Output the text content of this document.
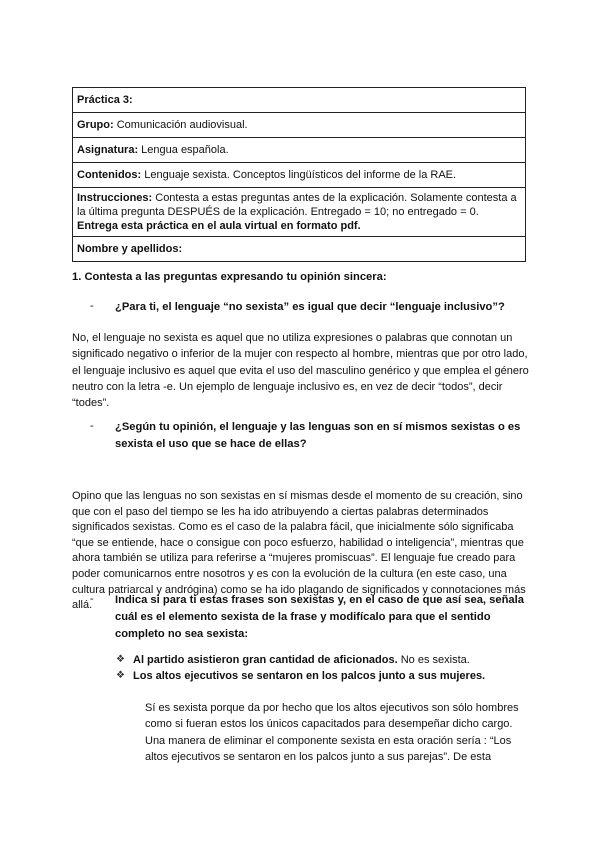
Práctica 3:
Grupo: Comunicación audiovisual.
Asignatura: Lengua española.
Contenidos: Lenguaje sexista. Conceptos lingüísticos del informe de la RAE.
Instrucciones: Contesta a estas preguntas antes de la explicación. Solamente contesta a la última pregunta DESPUÉS de la explicación. Entregado = 10; no entregado = 0.
Entrega esta práctica en el aula virtual en formato pdf.
Nombre y apellidos:
1. Contesta a las preguntas expresando tu opinión sincera:
- ¿Para ti, el lenguaje “no sexista” es igual que decir “lenguaje inclusivo”?
No, el lenguaje no sexista es aquel que no utiliza expresiones o palabras que connotan un significado negativo o inferior de la mujer con respecto al hombre, mientras que por otro lado, el lenguaje inclusivo es aquel que evita el uso del masculino genérico y que emplea el género neutro con la letra -e. Un ejemplo de lenguaje inclusivo es, en vez de decir “todos”, decir “todes”.
- ¿Según tu opinión, el lenguaje y las lenguas son en sí mismos sexistas o es sexista el uso que se hace de ellas?
Opino que las lenguas no son sexistas en sí mismas desde el momento de su creación, sino que con el paso del tiempo se les ha ido atribuyendo a ciertas palabras determinados significados sexistas. Como es el caso de la palabra fácil, que inicialmente sólo significaba “que se entiende, hace o consigue con poco esfuerzo, habilidad o inteligencia”, mientras que ahora también se utiliza para referirse a “mujeres promiscuas”. El lenguaje fue creado para poder comunicarnos entre nosotros y es con la evolución de la cultura (en este caso, una cultura patriarcal y andrógina) como se ha ido plagando de significados y connotaciones más allá.
- Indica si para ti estas frases son sexistas y, en el caso de que así sea, señala cuál es el elemento sexista de la frase y modifícalo para que el sentido completo no sea sexista:
❖ Al partido asistieron gran cantidad de aficionados. No es sexista.
❖ Los altos ejecutivos se sentaron en los palcos junto a sus mujeres.
Sí es sexista porque da por hecho que los altos ejecutivos son sólo hombres como si fueran estos los únicos capacitados para desempeñar dicho cargo. Una manera de eliminar el componente sexista en esta oración sería : “Los altos ejecutivos se sentaron en los palcos junto a sus parejas”. De esta
